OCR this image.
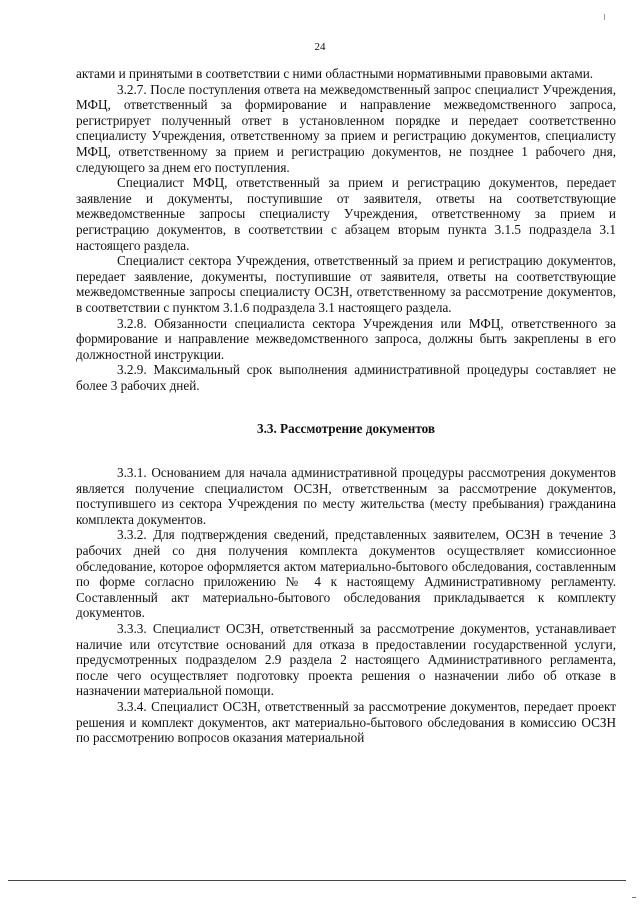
24

актами и принятыми в соответствии с ними областными нормативными правовыми актами.

3.2.7. После поступления ответа на межведомственный запрос специалист Учреждения, МФЦ, ответственный за формирование и направление межведомственного запроса, регистрирует полученный ответ в установленном порядке и передает соответственно специалисту Учреждения, ответственному за прием и регистрацию документов, специалисту МФЦ, ответственному за прием и регистрацию документов, не позднее 1 рабочего дня, следующего за днем его поступления.

Специалист МФЦ, ответственный за прием и регистрацию документов, передает заявление и документы, поступившие от заявителя, ответы на соответствующие межведомственные запросы специалисту Учреждения, ответственному за прием и регистрацию документов, в соответствии с абзацем вторым пункта 3.1.5 подраздела 3.1 настоящего раздела.

Специалист сектора Учреждения, ответственный за прием и регистрацию документов, передает заявление, документы, поступившие от заявителя, ответы на соответствующие межведомственные запросы специалисту ОСЗН, ответственному за рассмотрение документов, в соответствии с пунктом 3.1.6 подраздела 3.1 настоящего раздела.

3.2.8. Обязанности специалиста сектора Учреждения или МФЦ, ответственного за формирование и направление межведомственного запроса, должны быть закреплены в его должностной инструкции.

3.2.9. Максимальный срок выполнения административной процедуры составляет не более 3 рабочих дней.

3.3. Рассмотрение документов

3.3.1. Основанием для начала административной процедуры рассмотрения документов является получение специалистом ОСЗН, ответственным за рассмотрение документов, поступившего из сектора Учреждения по месту жительства (месту пребывания) гражданина комплекта документов.

3.3.2. Для подтверждения сведений, представленных заявителем, ОСЗН в течение 3 рабочих дней со дня получения комплекта документов осуществляет комиссионное обследование, которое оформляется актом материально-бытового обследования, составленным по форме согласно приложению № 4 к настоящему Административному регламенту. Составленный акт материально-бытового обследования прикладывается к комплекту документов.

3.3.3. Специалист ОСЗН, ответственный за рассмотрение документов, устанавливает наличие или отсутствие оснований для отказа в предоставлении государственной услуги, предусмотренных подразделом 2.9 раздела 2 настоящего Административного регламента, после чего осуществляет подготовку проекта решения о назначении либо об отказе в назначении материальной помощи.

3.3.4. Специалист ОСЗН, ответственный за рассмотрение документов, передает проект решения и комплект документов, акт материально-бытового обследования в комиссию ОСЗН по рассмотрению вопросов оказания материальной
